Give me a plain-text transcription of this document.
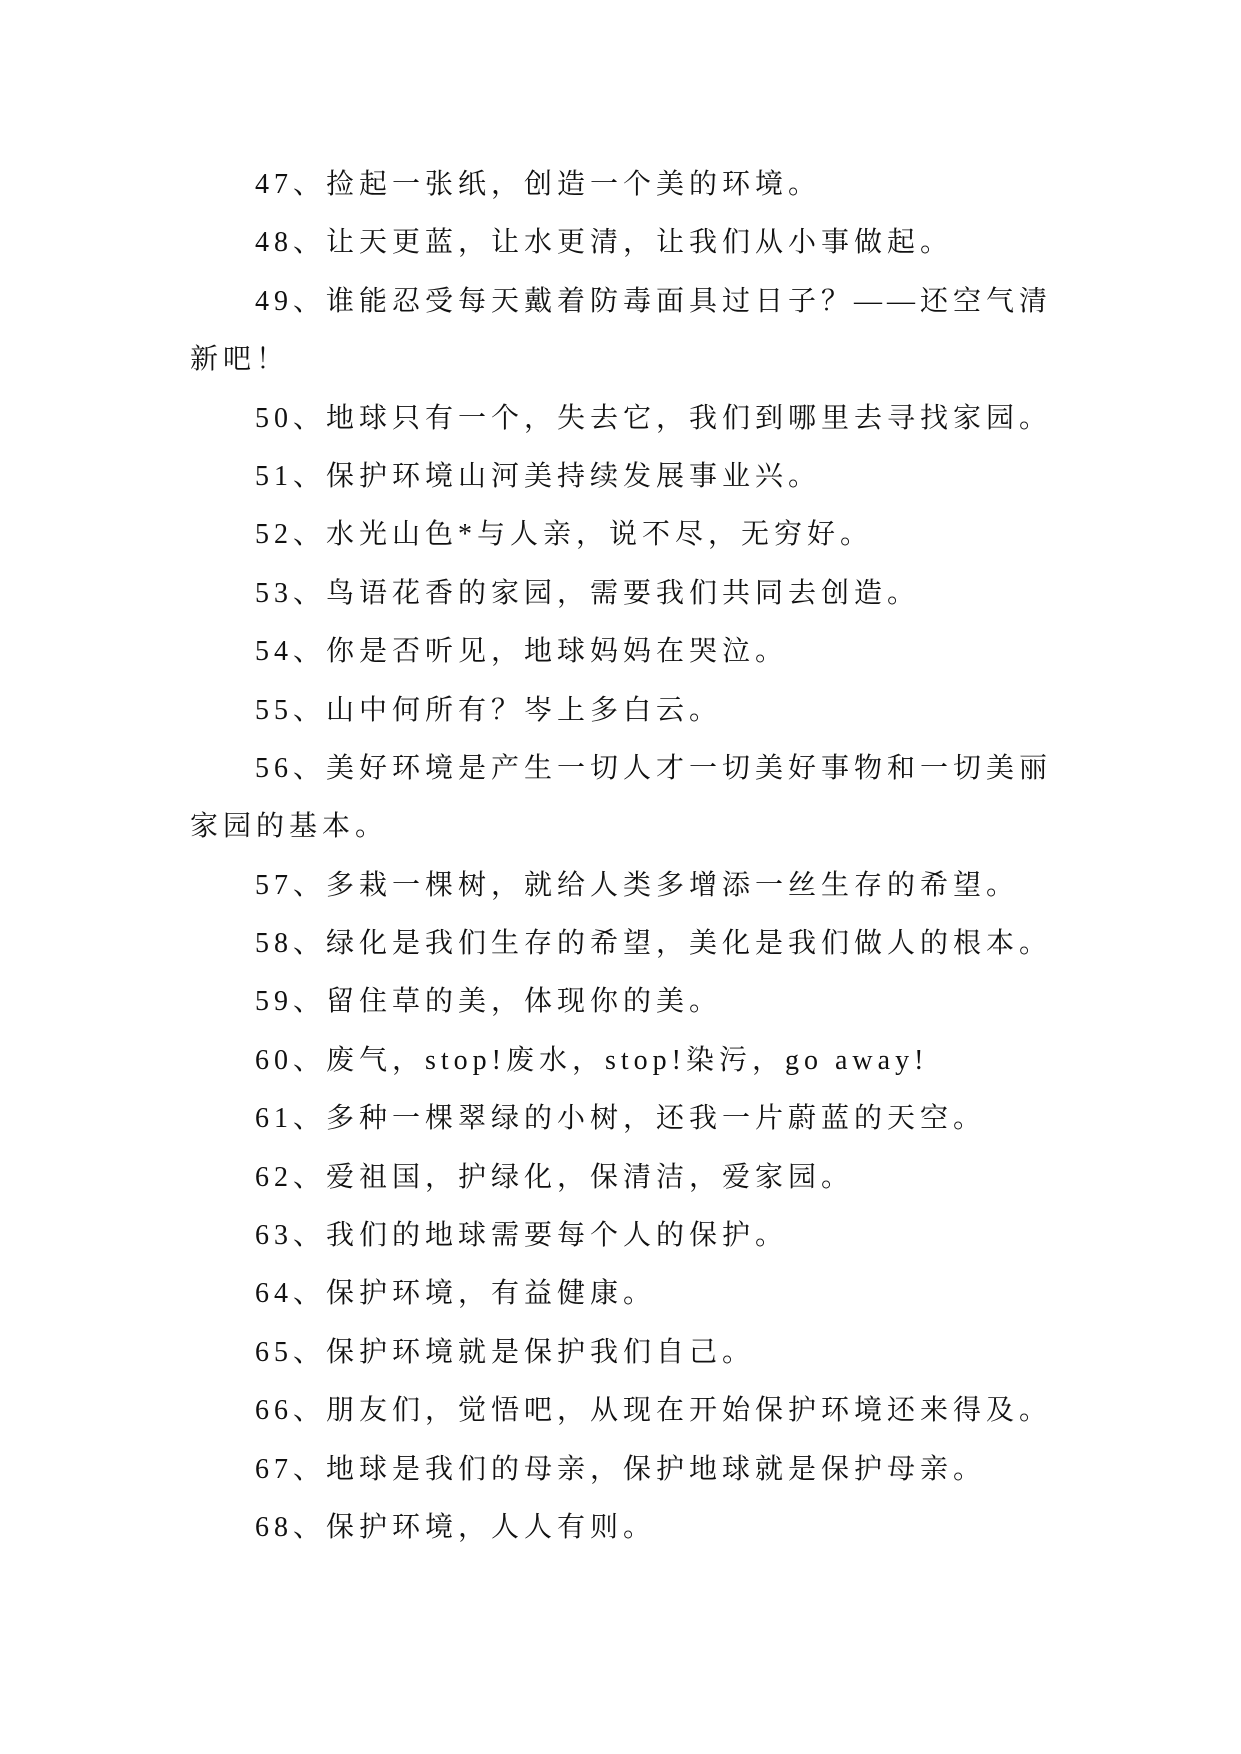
47、捡起一张纸，创造一个美的环境。
48、让天更蓝，让水更清，让我们从小事做起。
49、谁能忍受每天戴着防毒面具过日子？——还空气清
新吧！
50、地球只有一个，失去它，我们到哪里去寻找家园。
51、保护环境山河美持续发展事业兴。
52、水光山色*与人亲，说不尽，无穷好。
53、鸟语花香的家园，需要我们共同去创造。
54、你是否听见，地球妈妈在哭泣。
55、山中何所有？岑上多白云。
56、美好环境是产生一切人才一切美好事物和一切美丽
家园的基本。
57、多栽一棵树，就给人类多增添一丝生存的希望。
58、绿化是我们生存的希望，美化是我们做人的根本。
59、留住草的美，体现你的美。
60、废气，stop!废水，stop!染污，go away!
61、多种一棵翠绿的小树，还我一片蔚蓝的天空。
62、爱祖国，护绿化，保清洁，爱家园。
63、我们的地球需要每个人的保护。
64、保护环境，有益健康。
65、保护环境就是保护我们自己。
66、朋友们，觉悟吧，从现在开始保护环境还来得及。
67、地球是我们的母亲，保护地球就是保护母亲。
68、保护环境，人人有则。
